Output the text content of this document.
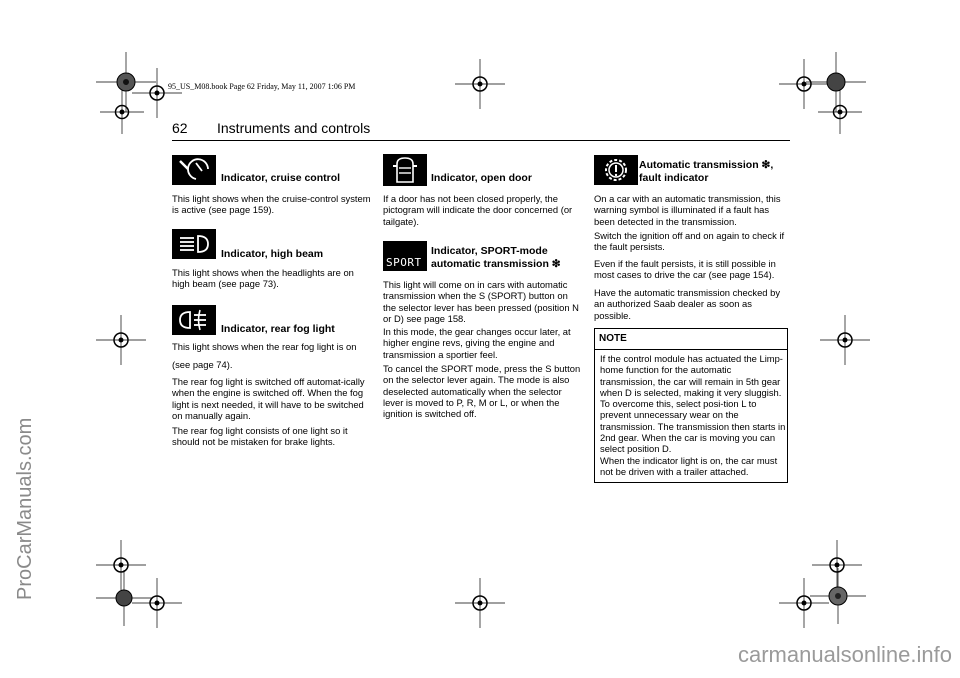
95_US_M08.book Page 62 Friday, May 11, 2007 1:06 PM
62 Instruments and controls
ProCarManuals.com
carmanualsonline.info
Indicator, cruise control

This light shows when the cruise-control system is active (see page 159).

Indicator, high beam

This light shows when the headlights are on high beam (see page 73).

Indicator, rear fog light

This light shows when the rear fog light is on

(see page 74).

The rear fog light is switched off automat-ically when the engine is switched off. When the fog light is next needed, it will have to be switched on manually again.

The rear fog light consists of one light so it should not be mistaken for brake lights.

Indicator, open door

If a door has not been closed properly, the pictogram will indicate the door concerned (or tailgate).

SPORT
Indicator, SPORT-mode
automatic transmission ❇

This light will come on in cars with automatic transmission when the S (SPORT) button on the selector lever has been pressed (position N or D) see page 158.

In this mode, the gear changes occur later, at higher engine revs, giving the engine and transmission a sportier feel.

To cancel the SPORT mode, press the S button on the selector lever again. The mode is also deselected automatically when the selector lever is moved to P, R, M or L, or when the ignition is switched off.

Automatic transmission ❇,
fault indicator

On a car with an automatic transmission, this warning symbol is illuminated if a fault has been detected in the transmission.

Switch the ignition off and on again to check if the fault persists.

Even if the fault persists, it is still possible in most cases to drive the car (see page 154).

Have the automatic transmission checked by an authorized Saab dealer as soon as possible.

NOTE

If the control module has actuated the Limp-home function for the automatic transmission, the car will remain in 5th gear when D is selected, making it very sluggish. To overcome this, select posi-tion L to prevent unnecessary wear on the transmission. The transmission then starts in 2nd gear. When the car is moving you can select position D.

When the indicator light is on, the car must not be driven with a trailer attached.
